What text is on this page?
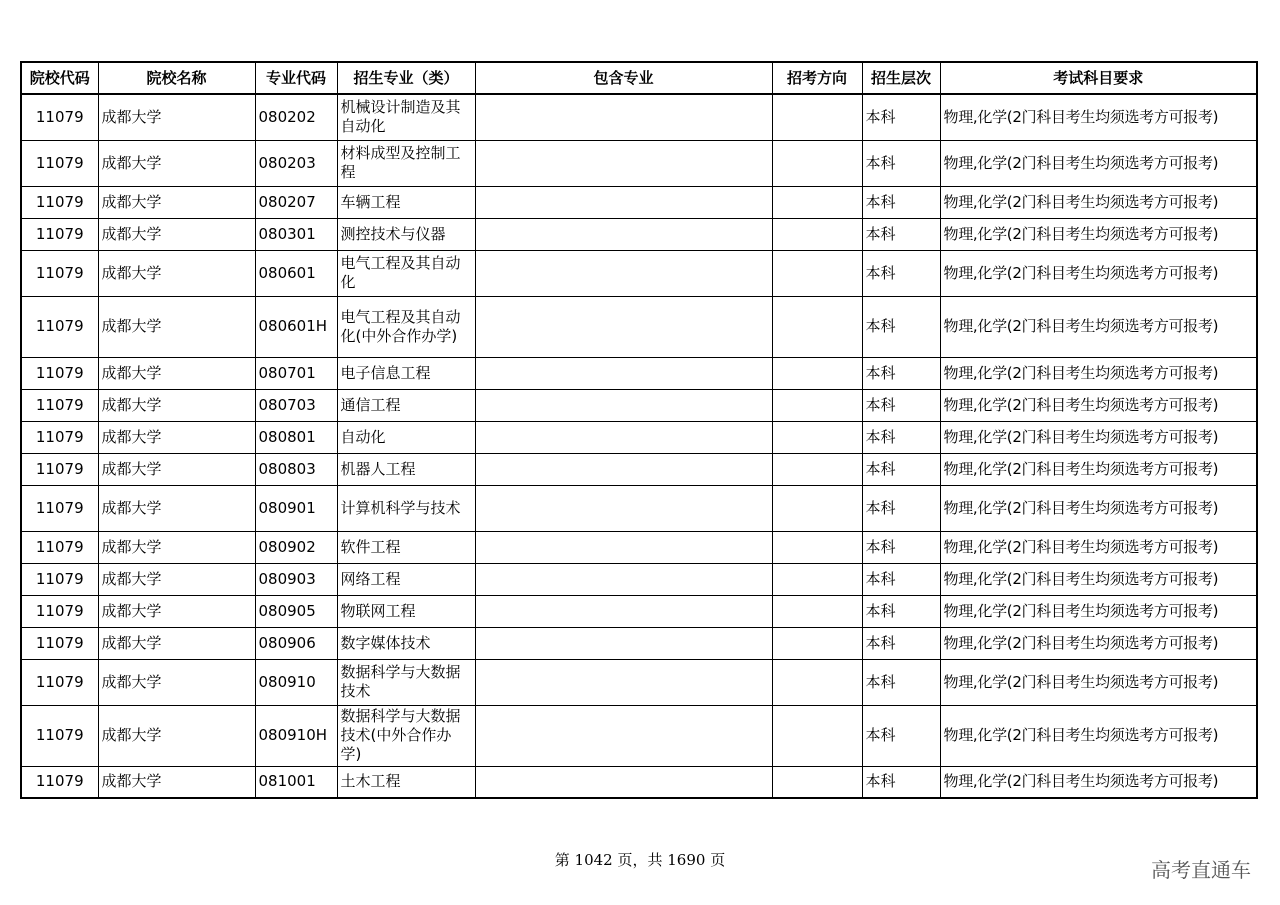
院校代码	院校名称	专业代码	招生专业（类）	包含专业	招考方向	招生层次	考试科目要求
11079	成都大学	080202	机械设计制造及其自动化			本科	物理,化学(2门科目考生均须选考方可报考)
11079	成都大学	080203	材料成型及控制工程			本科	物理,化学(2门科目考生均须选考方可报考)
11079	成都大学	080207	车辆工程			本科	物理,化学(2门科目考生均须选考方可报考)
11079	成都大学	080301	测控技术与仪器			本科	物理,化学(2门科目考生均须选考方可报考)
11079	成都大学	080601	电气工程及其自动化			本科	物理,化学(2门科目考生均须选考方可报考)
11079	成都大学	080601H	电气工程及其自动化(中外合作办学)			本科	物理,化学(2门科目考生均须选考方可报考)
11079	成都大学	080701	电子信息工程			本科	物理,化学(2门科目考生均须选考方可报考)
11079	成都大学	080703	通信工程			本科	物理,化学(2门科目考生均须选考方可报考)
11079	成都大学	080801	自动化			本科	物理,化学(2门科目考生均须选考方可报考)
11079	成都大学	080803	机器人工程			本科	物理,化学(2门科目考生均须选考方可报考)
11079	成都大学	080901	计算机科学与技术			本科	物理,化学(2门科目考生均须选考方可报考)
11079	成都大学	080902	软件工程			本科	物理,化学(2门科目考生均须选考方可报考)
11079	成都大学	080903	网络工程			本科	物理,化学(2门科目考生均须选考方可报考)
11079	成都大学	080905	物联网工程			本科	物理,化学(2门科目考生均须选考方可报考)
11079	成都大学	080906	数字媒体技术			本科	物理,化学(2门科目考生均须选考方可报考)
11079	成都大学	080910	数据科学与大数据技术			本科	物理,化学(2门科目考生均须选考方可报考)
11079	成都大学	080910H	数据科学与大数据技术(中外合作办学)			本科	物理,化学(2门科目考生均须选考方可报考)
11079	成都大学	081001	土木工程			本科	物理,化学(2门科目考生均须选考方可报考)
第 1042 页，共 1690 页	高考直通车
